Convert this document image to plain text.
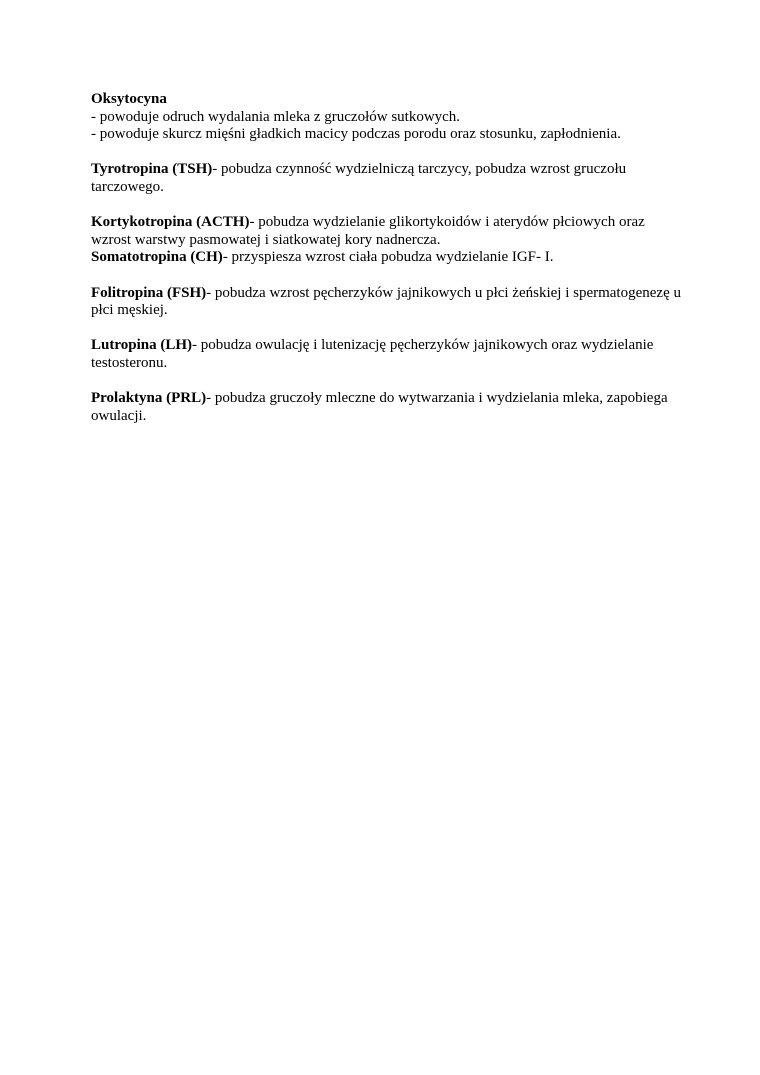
Oksytocyna
- powoduje odruch wydalania mleka z gruczołów sutkowych.
- powoduje skurcz mięśni gładkich macicy podczas porodu oraz stosunku, zapłodnienia.
Tyrotropina (TSH)- pobudza czynność wydzielniczą tarczycy, pobudza wzrost gruczołu tarczowego.
Kortykotropina (ACTH)- pobudza wydzielanie glikortykoidów i aterydów płciowych oraz wzrost warstwy pasmowatej i siatkowatej kory nadnercza.
Somatotropina (CH)- przyspiesza wzrost ciała pobudza wydzielanie IGF- I.
Folitropina (FSH)- pobudza wzrost pęcherzyków jajnikowych u płci żeńskiej i spermatogenezę u płci męskiej.
Lutropina (LH)- pobudza owulację i lutenizację pęcherzyków jajnikowych oraz wydzielanie testosteronu.
Prolaktyna (PRL)- pobudza gruczoły mleczne do wytwarzania i wydzielania mleka, zapobiega owulacji.
